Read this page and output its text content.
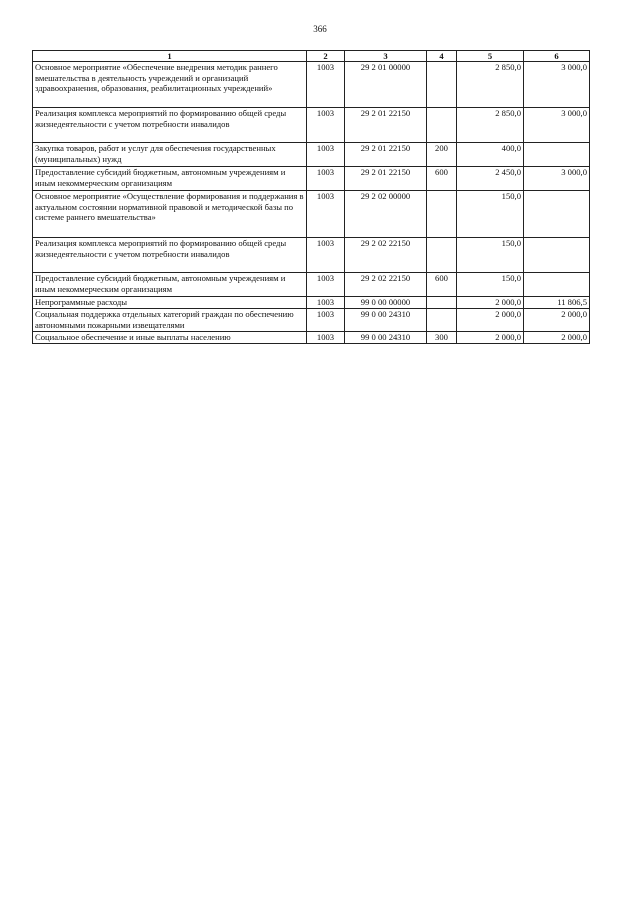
366
1	2	3	4	5	6
Основное мероприятие «Обеспечение внедрения методик раннего вмешательства в деятельность учреждений и организаций здравоохранения, образования, реабилитационных учреждений»	1003	29 2 01 00000		2 850,0	3 000,0
Реализация комплекса мероприятий по формированию общей среды жизнедеятельности с учетом потребности инвалидов	1003	29 2 01 22150		2 850,0	3 000,0
Закупка товаров, работ и услуг для обеспечения государственных (муниципальных) нужд	1003	29 2 01 22150	200	400,0	
Предоставление субсидий бюджетным, автономным учреждениям и иным некоммерческим организациям	1003	29 2 01 22150	600	2 450,0	3 000,0
Основное мероприятие «Осуществление формирования и поддержания в актуальном состоянии нормативной правовой и методической базы по системе раннего вмешательства»	1003	29 2 02 00000		150,0	
Реализация комплекса мероприятий по формированию общей среды жизнедеятельности с учетом потребности инвалидов	1003	29 2 02 22150		150,0	
Предоставление субсидий бюджетным, автономным учреждениям и иным некоммерческим организациям	1003	29 2 02 22150	600	150,0	
Непрограммные расходы	1003	99 0 00 00000		2 000,0	11 806,5
Социальная поддержка отдельных категорий граждан по обеспечению автономными пожарными извещателями	1003	99 0 00 24310		2 000,0	2 000,0
Социальное обеспечение и иные выплаты населению	1003	99 0 00 24310	300	2 000,0	2 000,0
